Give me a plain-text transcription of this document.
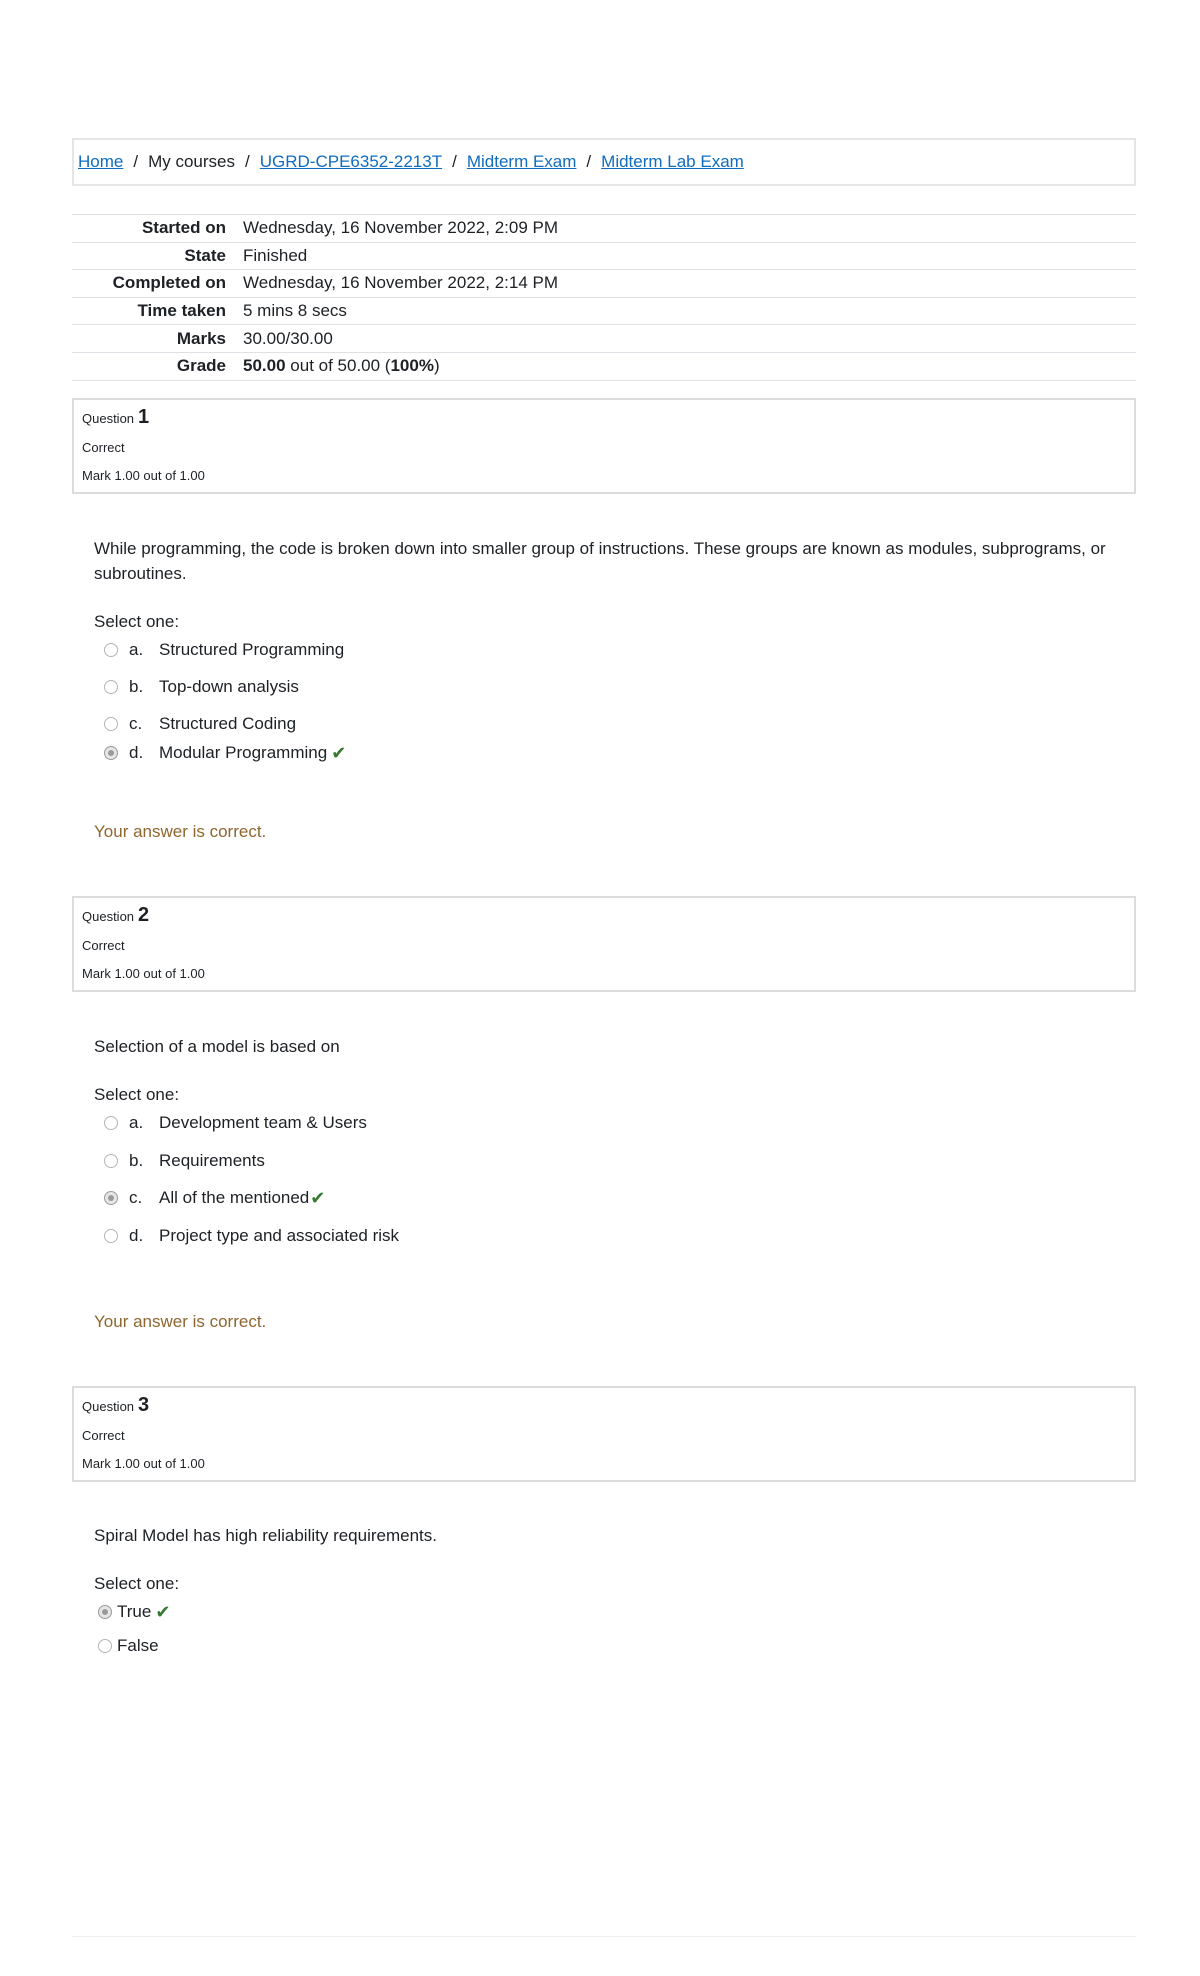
Home / My courses / UGRD-CPE6352-2213T / Midterm Exam / Midterm Lab Exam
Started on Wednesday, 16 November 2022, 2:09 PM
State Finished
Completed on Wednesday, 16 November 2022, 2:14 PM
Time taken 5 mins 8 secs
Marks 30.00/30.00
Grade 50.00 out of 50.00 (100%)
Question 1
Correct
Mark 1.00 out of 1.00
While programming, the code is broken down into smaller group of instructions. These groups are known as modules, subprograms, or subroutines.
Select one:
a. Structured Programming
b. Top-down analysis
c. Structured Coding
d. Modular Programming ✔
Your answer is correct.
Question 2
Correct
Mark 1.00 out of 1.00
Selection of a model is based on
Select one:
a. Development team & Users
b. Requirements
c. All of the mentioned ✔
d. Project type and associated risk
Your answer is correct.
Question 3
Correct
Mark 1.00 out of 1.00
Spiral Model has high reliability requirements.
Select one:
True ✔
False
